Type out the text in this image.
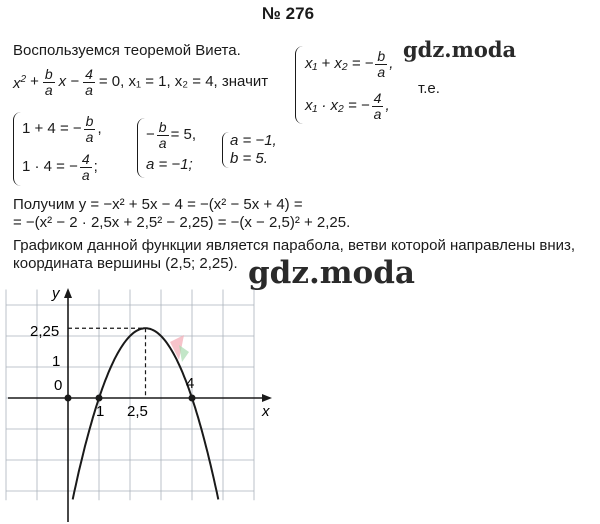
№ 276
gdz.moda
gdz.moda
Воспользуемся теоремой Виета.
$x^2 + \frac{b}{a}$ $x - \frac{4}{a} = 0$, x₁ = 1, x₂ = 4, значит
x₁ + x₂ = − $\frac{b}{a}$ ,
x₁ · x₂ = − $\frac{4}{a}$ ,
т.е.
1 + 4 = − $\frac{b}{a}$ ,
1 · 4 = − $\frac{4}{a}$ ;
− $\frac{b}{a} = 5$,
a = −1;
a = −1,
b = 5.
Получим y = −x² + 5x − 4 = −(x² − 5x + 4) =
= −(x² − 2 · 2,5x + 2,5² − 2,25) = −(x − 2,5)² + 2,25.
Графиком данной функции является парабола, ветви которой направлены вниз,
координата вершины (2,5; 2,25).
y
x
2,25
1
0
1 2,5
4
